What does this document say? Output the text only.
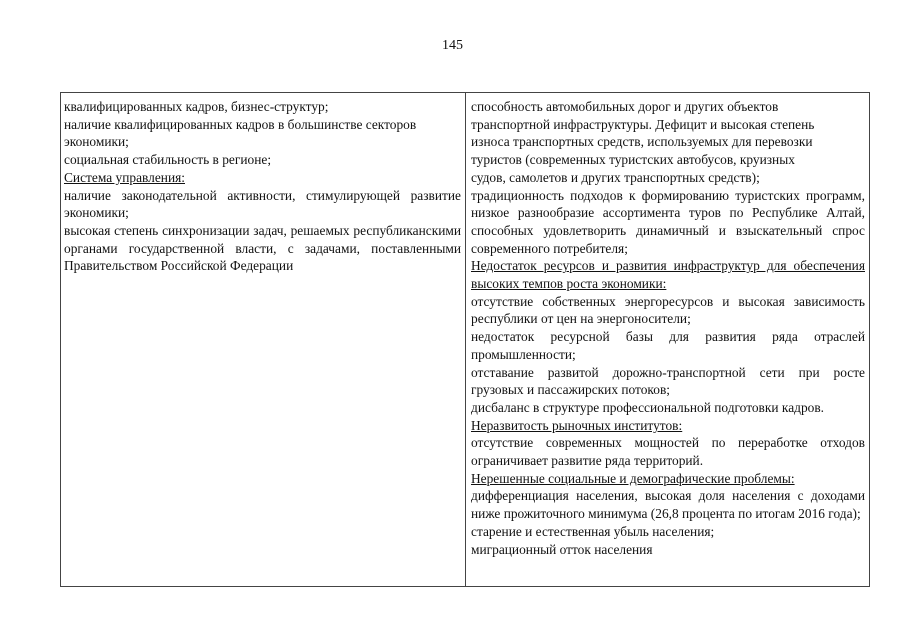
145
квалифицированных кадров, бизнес-структур;
наличие квалифицированных кадров в большинстве секторов
экономики;
социальная стабильность в регионе;
Система управления:
наличие законодательной активности, стимулирующей развитие экономики;
высокая степень синхронизации задач, решаемых республиканскими органами государственной власти, с задачами, поставленными Правительством Российской Федерации
способность автомобильных дорог и других объектов
транспортной инфраструктуры. Дефицит и высокая степень
износа транспортных средств, используемых для перевозки
туристов (современных туристских автобусов, круизных
судов, самолетов и других транспортных средств);
традиционность подходов к формированию туристских программ, низкое разнообразие ассортимента туров по Республике Алтай, способных удовлетворить динамичный и взыскательный спрос современного потребителя;
Недостаток ресурсов и развития инфраструктур для обеспечения высоких темпов роста экономики:
отсутствие собственных энергоресурсов и высокая зависимость республики от цен на энергоносители;
недостаток ресурсной базы для развития ряда отраслей промышленности;
отставание развитой дорожно-транспортной сети при росте грузовых и пассажирских потоков;
дисбаланс в структуре профессиональной подготовки кадров.
Неразвитость рыночных институтов:
отсутствие современных мощностей по переработке отходов ограничивает развитие ряда территорий.
Нерешенные социальные и демографические проблемы:
дифференциация населения, высокая доля населения с доходами ниже прожиточного минимума (26,8 процента по итогам 2016 года);
старение и естественная убыль населения;
миграционный отток населения
